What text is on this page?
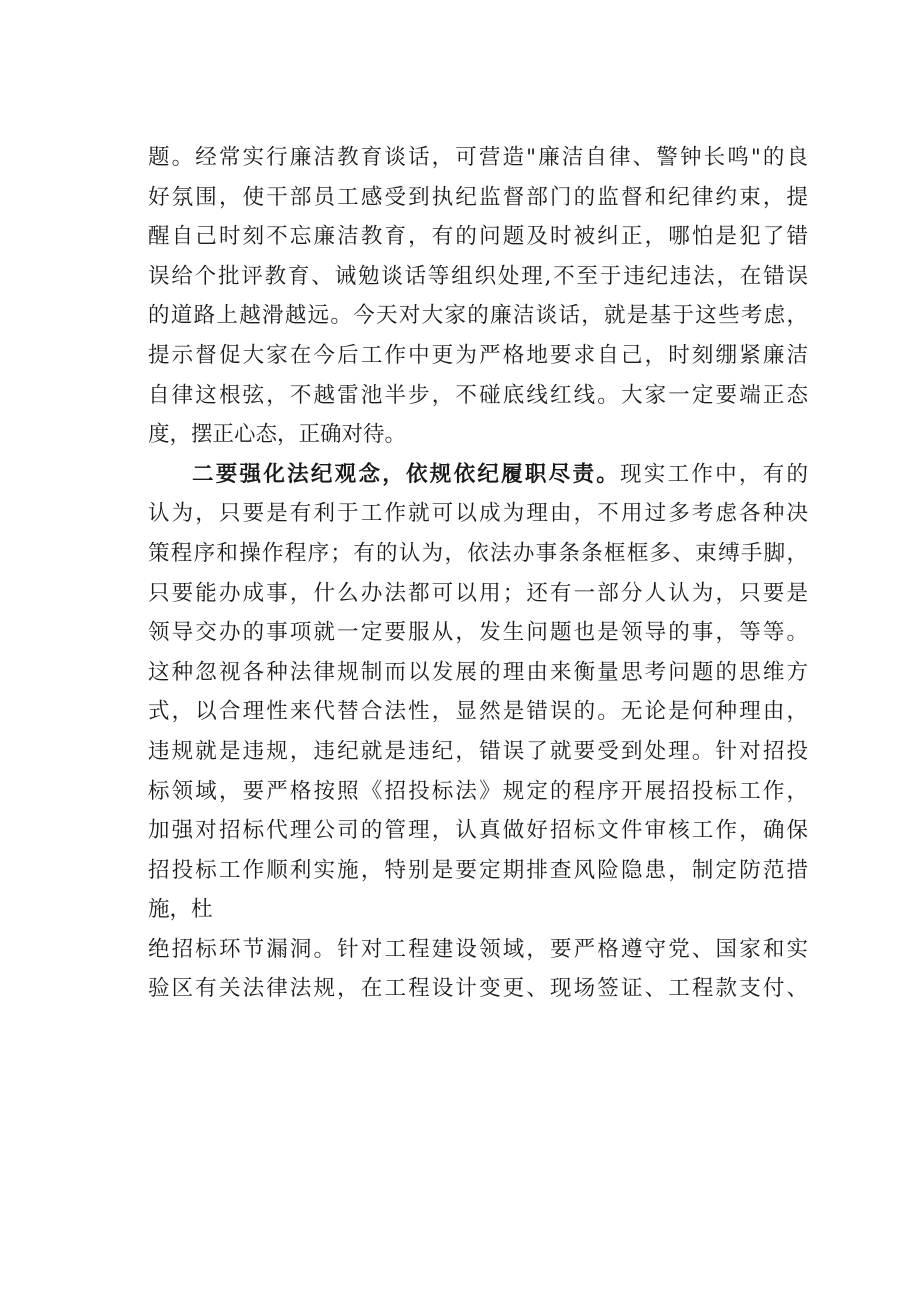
题。经常实行廉洁教育谈话，可营造"廉洁自律、警钟长鸣"的良
好氛围，使干部员工感受到执纪监督部门的监督和纪律约束，提
醒自己时刻不忘廉洁教育，有的问题及时被纠正，哪怕是犯了错
误给个批评教育、诫勉谈话等组织处理,不至于违纪违法，在错误
的道路上越滑越远。今天对大家的廉洁谈话，就是基于这些考虑，
提示督促大家在今后工作中更为严格地要求自己，时刻绷紧廉洁
自律这根弦，不越雷池半步，不碰底线红线。大家一定要端正态
度，摆正心态，正确对待。
二要强化法纪观念，依规依纪履职尽责。现实工作中，有的
认为，只要是有利于工作就可以成为理由，不用过多考虑各种决
策程序和操作程序；有的认为，依法办事条条框框多、束缚手脚，
只要能办成事，什么办法都可以用；还有一部分人认为，只要是
领导交办的事项就一定要服从，发生问题也是领导的事，等等。
这种忽视各种法律规制而以发展的理由来衡量思考问题的思维方
式，以合理性来代替合法性，显然是错误的。无论是何种理由，
违规就是违规，违纪就是违纪，错误了就要受到处理。针对招投
标领域，要严格按照《招投标法》规定的程序开展招投标工作，
加强对招标代理公司的管理，认真做好招标文件审核工作，确保
招投标工作顺利实施，特别是要定期排查风险隐患，制定防范措
施，杜
绝招标环节漏洞。针对工程建设领域，要严格遵守党、国家和实
验区有关法律法规，在工程设计变更、现场签证、工程款支付、
